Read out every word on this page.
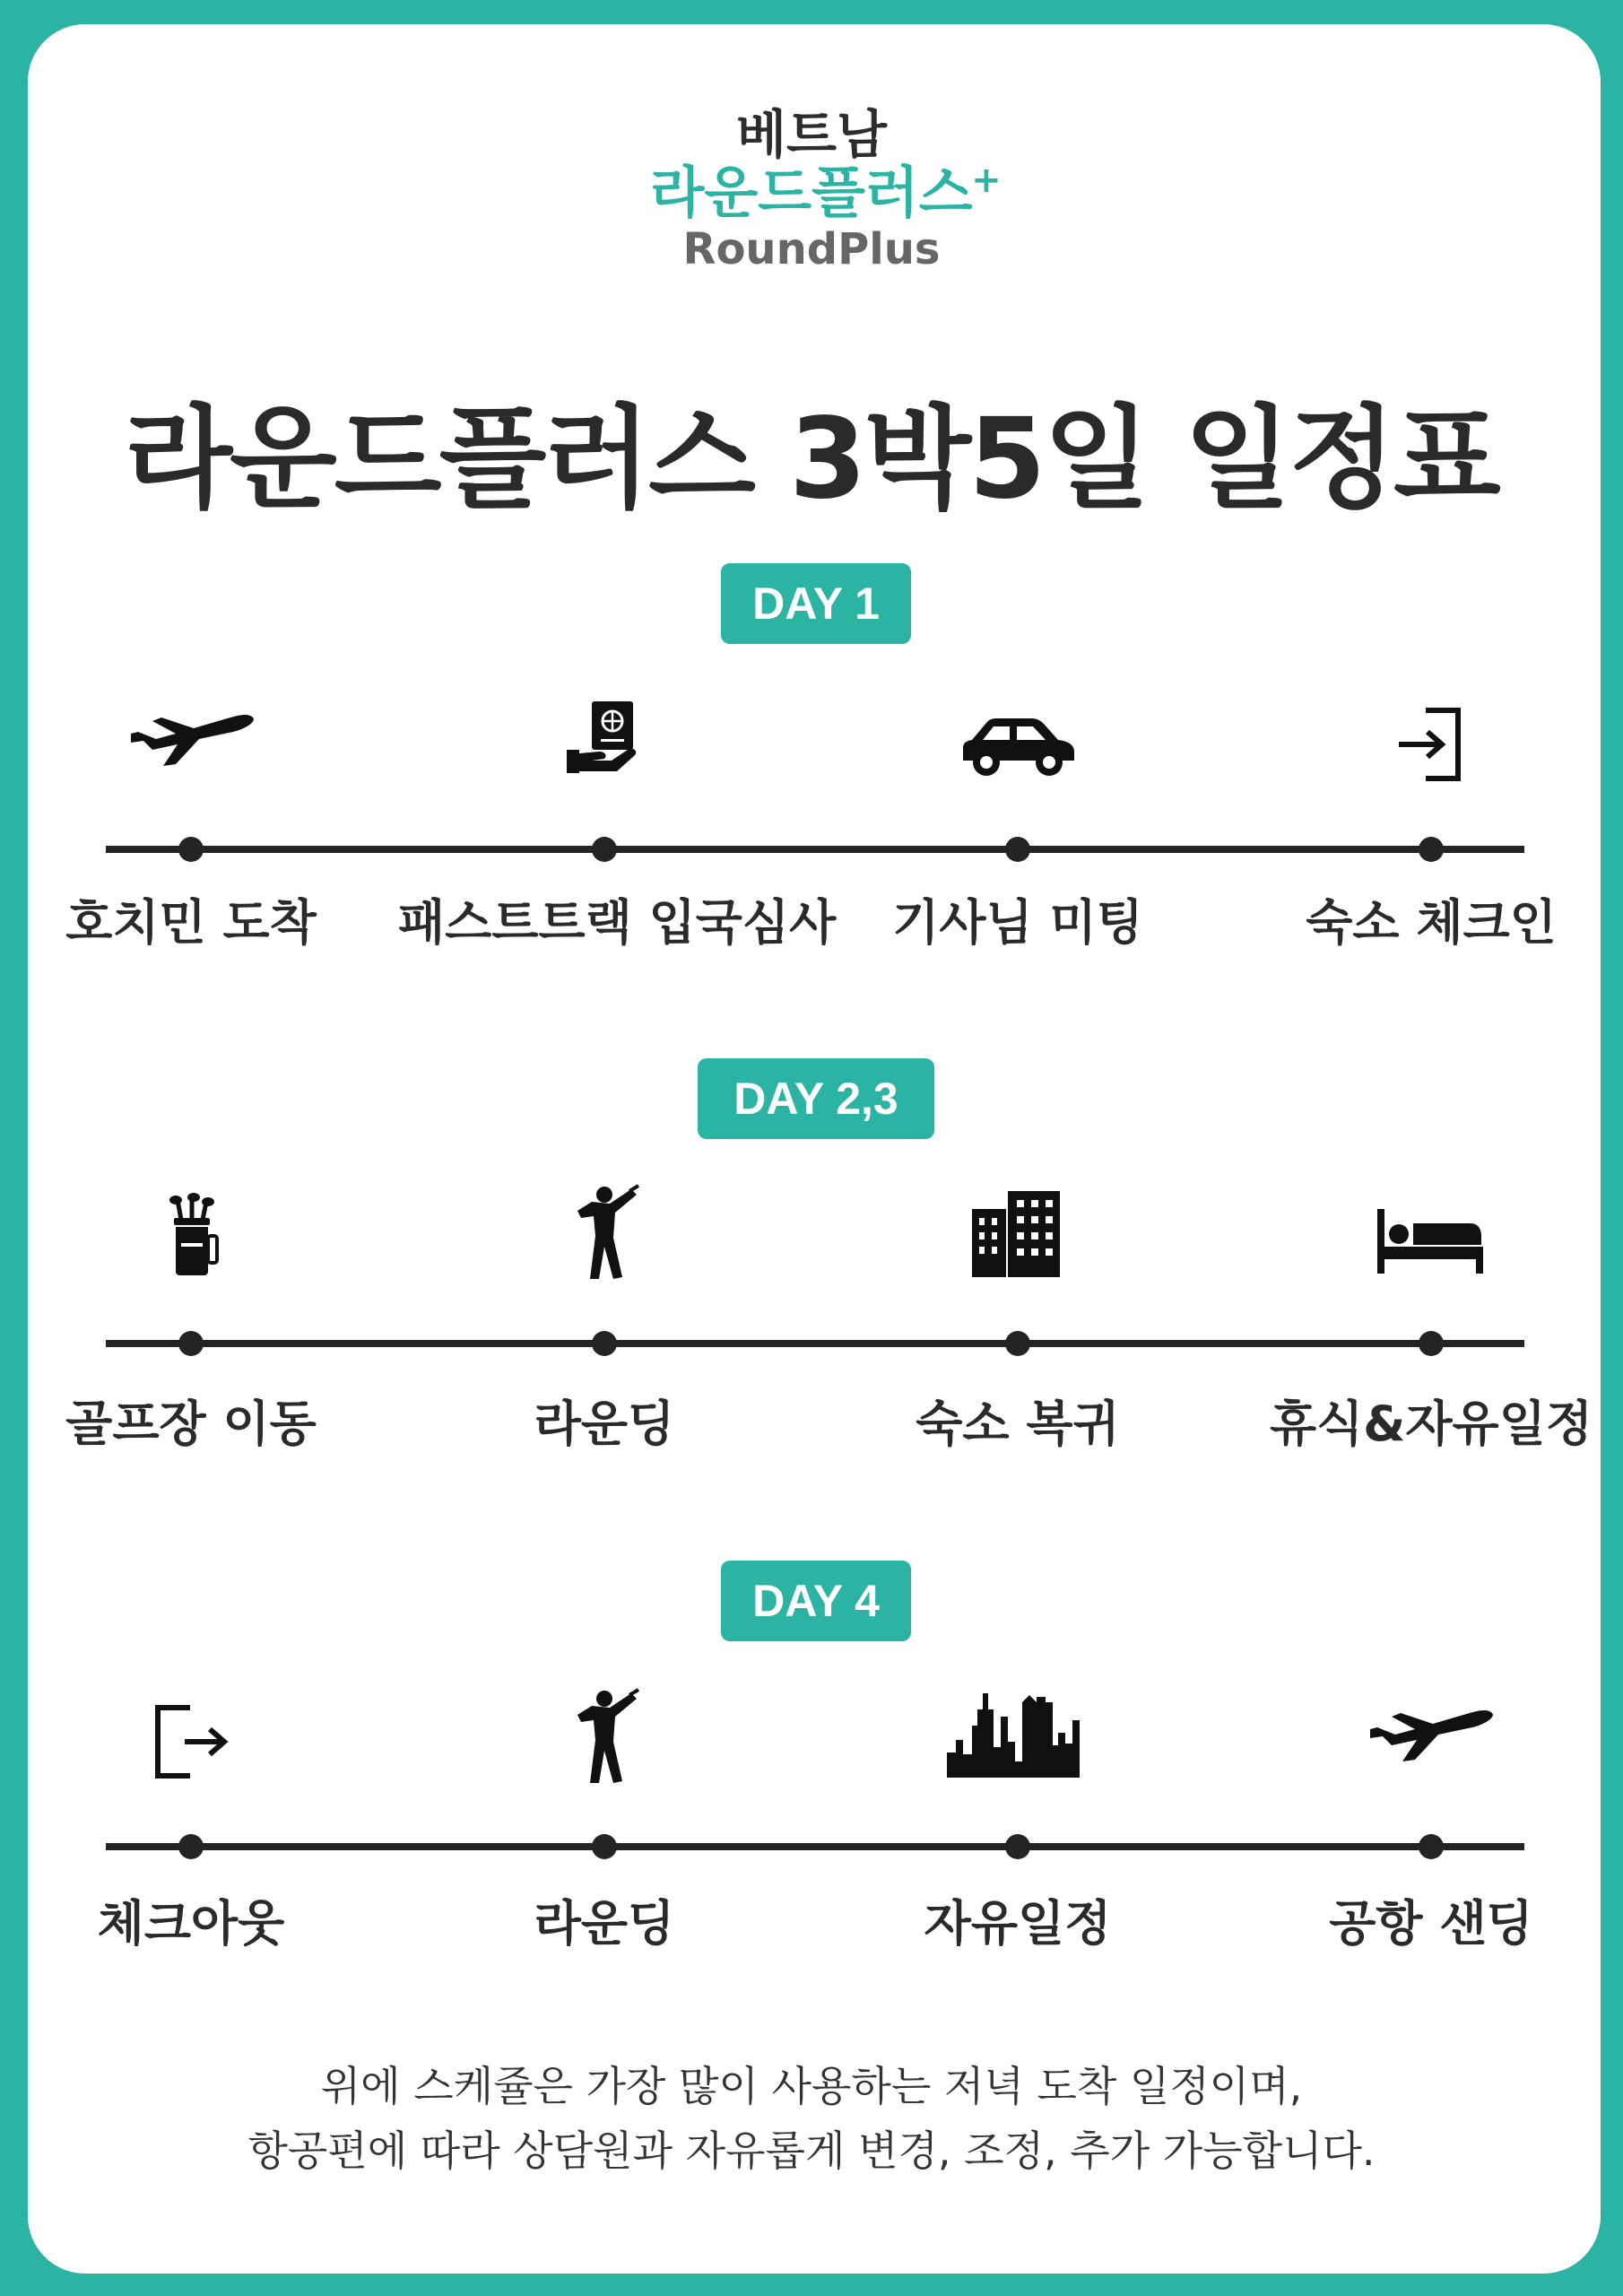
베트남
라운드플러스
+
RoundPlus
라운드플러스 3박5일 일정표
DAY 1
호치민 도착	패스트트랙 입국심사	기사님 미팅	숙소 체크인
DAY 2,3
골프장 이동	라운딩	숙소 복귀	휴식&자유일정
DAY 4
체크아웃	라운딩	자유일정	공항 샌딩
위에 스케쥴은 가장 많이 사용하는 저녁 도착 일정이며,
항공편에 따라 상담원과 자유롭게 변경, 조정, 추가 가능합니다.
